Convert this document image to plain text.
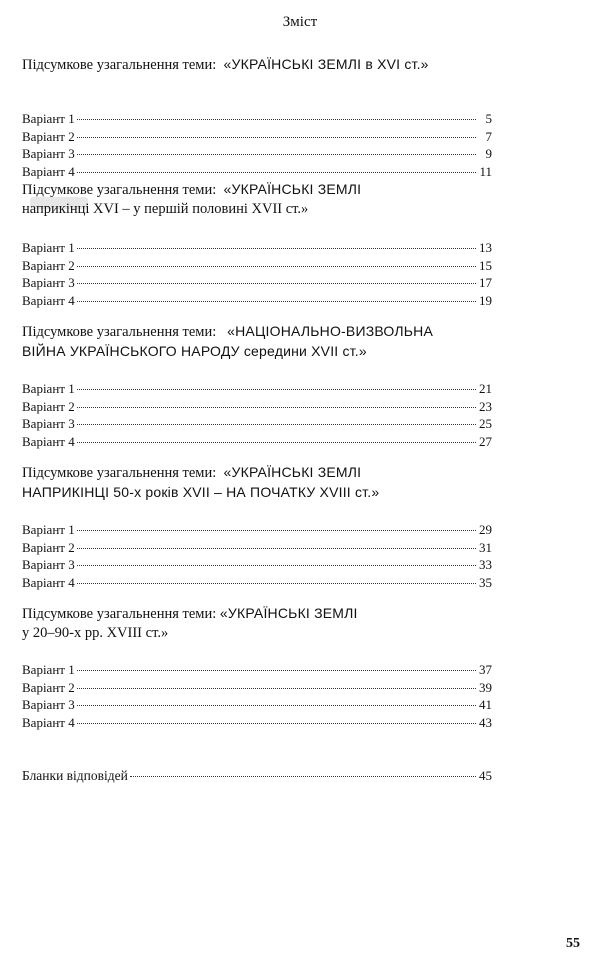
Зміст
Підсумкове узагальнення теми: «УКРАЇНСЬКІ ЗЕМЛІ в XVI ст.»
Варіант 1	5
Варіант 2	7
Варіант 3	9
Варіант 4	11
Підсумкове узагальнення теми: «УКРАЇНСЬКІ ЗЕМЛІ
наприкінці XVI – у першій половині XVII ст.»
Варіант 1	13
Варіант 2	15
Варіант 3	17
Варіант 4	19
Підсумкове узагальнення теми: «НАЦІОНАЛЬНО-ВИЗВОЛЬНА
ВІЙНА УКРАЇНСЬКОГО НАРОДУ середини XVII ст.»
Варіант 1	21
Варіант 2	23
Варіант 3	25
Варіант 4	27
Підсумкове узагальнення теми: «УКРАЇНСЬКІ ЗЕМЛІ
НАПРИКІНЦІ 50-х років XVII – НА ПОЧАТКУ XVIII ст.»
Варіант 1	29
Варіант 2	31
Варіант 3	33
Варіант 4	35
Підсумкове узагальнення теми: «УКРАЇНСЬКІ ЗЕМЛІ
у 20–90-х рр. XVIII ст.»
Варіант 1	37
Варіант 2	39
Варіант 3	41
Варіант 4	43
Бланки відповідей	45
55
